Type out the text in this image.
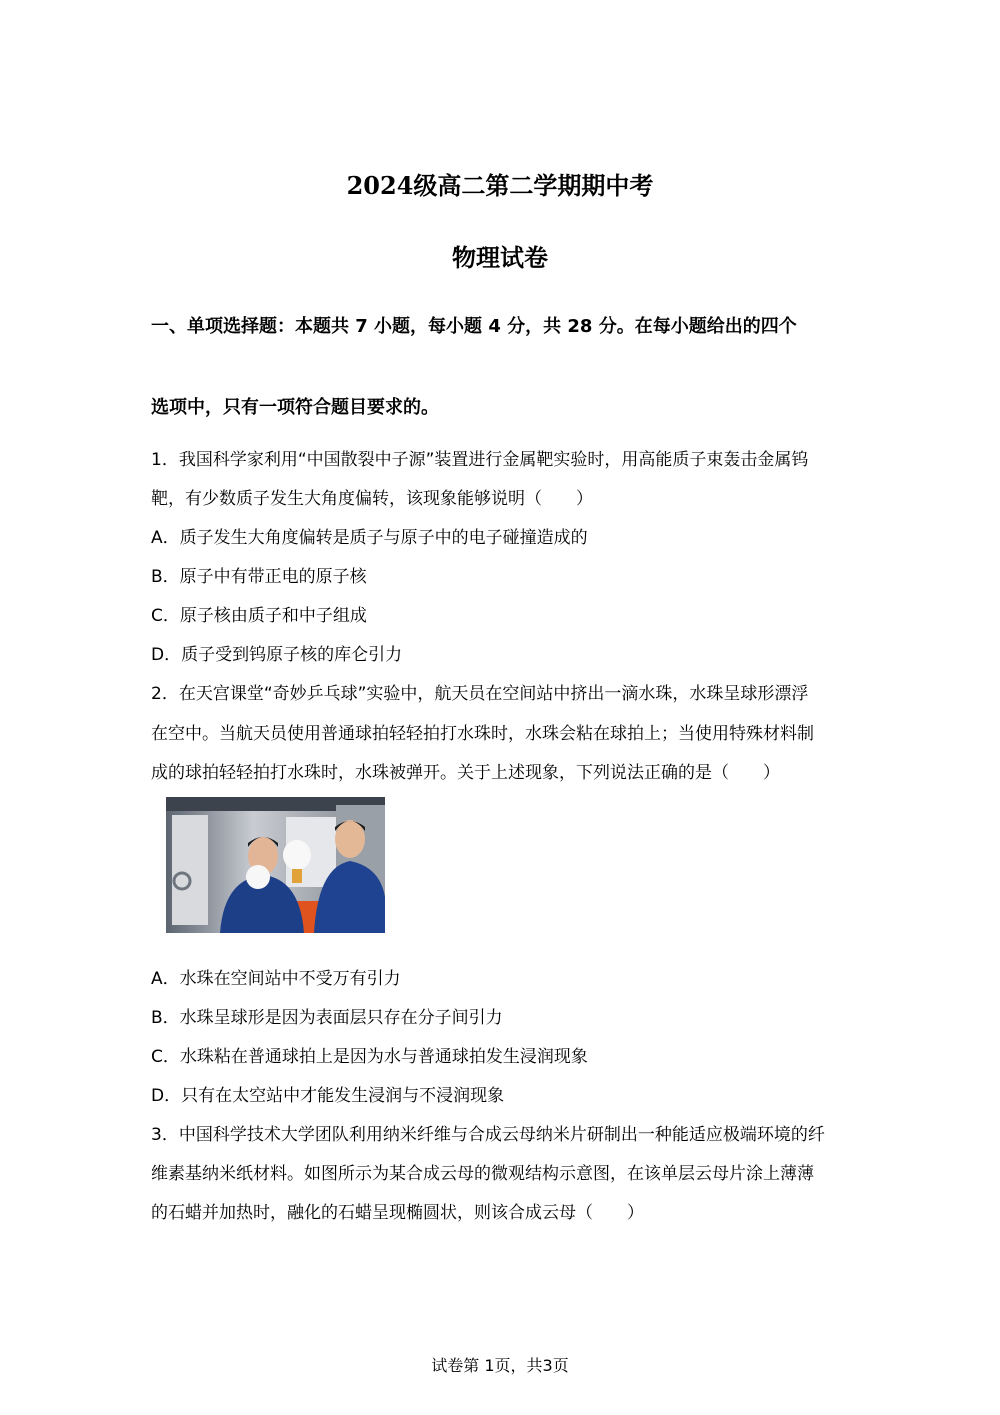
2024级高二第二学期期中考
物理试卷
一、单项选择题：本题共 7 小题，每小题 4 分，共 28 分。在每小题给出的四个
选项中，只有一项符合题目要求的。
1．我国科学家利用“中国散裂中子源”装置进行金属靶实验时，用高能质子束轰击金属钨
靶，有少数质子发生大角度偏转，该现象能够说明（　　）
A．质子发生大角度偏转是质子与原子中的电子碰撞造成的
B．原子中有带正电的原子核
C．原子核由质子和中子组成
D．质子受到钨原子核的库仑引力
2．在天宫课堂“奇妙乒乓球”实验中，航天员在空间站中挤出一滴水珠，水珠呈球形漂浮
在空中。当航天员使用普通球拍轻轻拍打水珠时，水珠会粘在球拍上；当使用特殊材料制
成的球拍轻轻拍打水珠时，水珠被弹开。关于上述现象，下列说法正确的是（　　）
A．水珠在空间站中不受万有引力
B．水珠呈球形是因为表面层只存在分子间引力
C．水珠粘在普通球拍上是因为水与普通球拍发生浸润现象
D．只有在太空站中才能发生浸润与不浸润现象
3．中国科学技术大学团队利用纳米纤维与合成云母纳米片研制出一种能适应极端环境的纤
维素基纳米纸材料。如图所示为某合成云母的微观结构示意图，在该单层云母片涂上薄薄
的石蜡并加热时，融化的石蜡呈现椭圆状，则该合成云母（　　）
试卷第 1页，共3页
